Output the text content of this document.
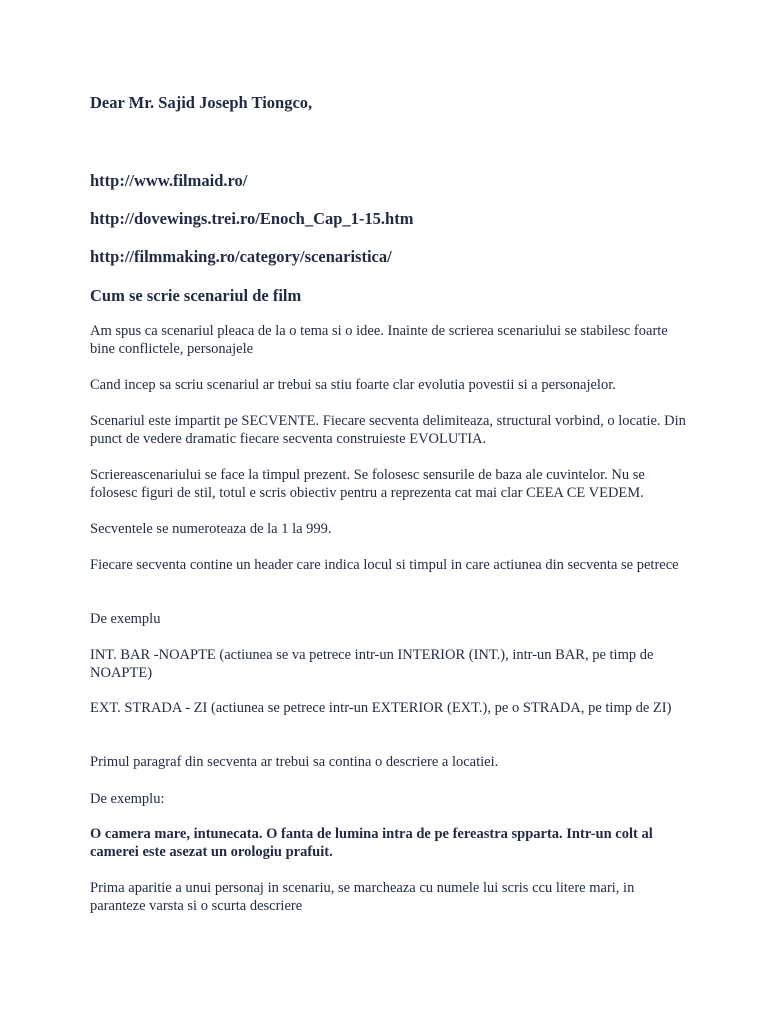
Dear Mr. Sajid Joseph Tiongco,
http://www.filmaid.ro/
http://dovewings.trei.ro/Enoch_Cap_1-15.htm
http://filmmaking.ro/category/scenaristica/
Cum se scrie scenariul de film

Am spus ca scenariul pleaca de la o tema si o idee. Inainte de scrierea scenariului se stabilesc foarte bine conflictele, personajele

Cand incep sa scriu scenariul ar trebui sa stiu foarte clar evolutia povestii si a personajelor.

Scenariul este impartit pe SECVENTE. Fiecare secventa delimiteaza, structural vorbind, o locatie. Din punct de vedere dramatic fiecare secventa construieste EVOLUTIA.

Scriereascenariului se face la timpul prezent. Se folosesc sensurile de baza ale cuvintelor. Nu se folosesc figuri de stil, totul e scris obiectiv pentru a reprezenta cat mai clar CEEA CE VEDEM.

Secventele se numeroteaza de la 1 la 999.

Fiecare secventa contine un header care indica locul si timpul in care actiunea din secventa se petrece

De exemplu

INT. BAR -NOAPTE (actiunea se va petrece intr-un INTERIOR (INT.), intr-un BAR, pe timp de NOAPTE)

EXT. STRADA - ZI (actiunea se petrece intr-un EXTERIOR (EXT.), pe o STRADA, pe timp de ZI)

Primul paragraf din secventa ar trebui sa contina o descriere a locatiei.

De exemplu:

O camera mare, intunecata. O fanta de lumina intra de pe fereastra spparta. Intr-un colt al camerei este asezat un orologiu prafuit.

Prima aparitie a unui personaj in scenariu, se marcheaza cu numele lui scris ccu litere mari, in paranteze varsta si o scurta descriere
